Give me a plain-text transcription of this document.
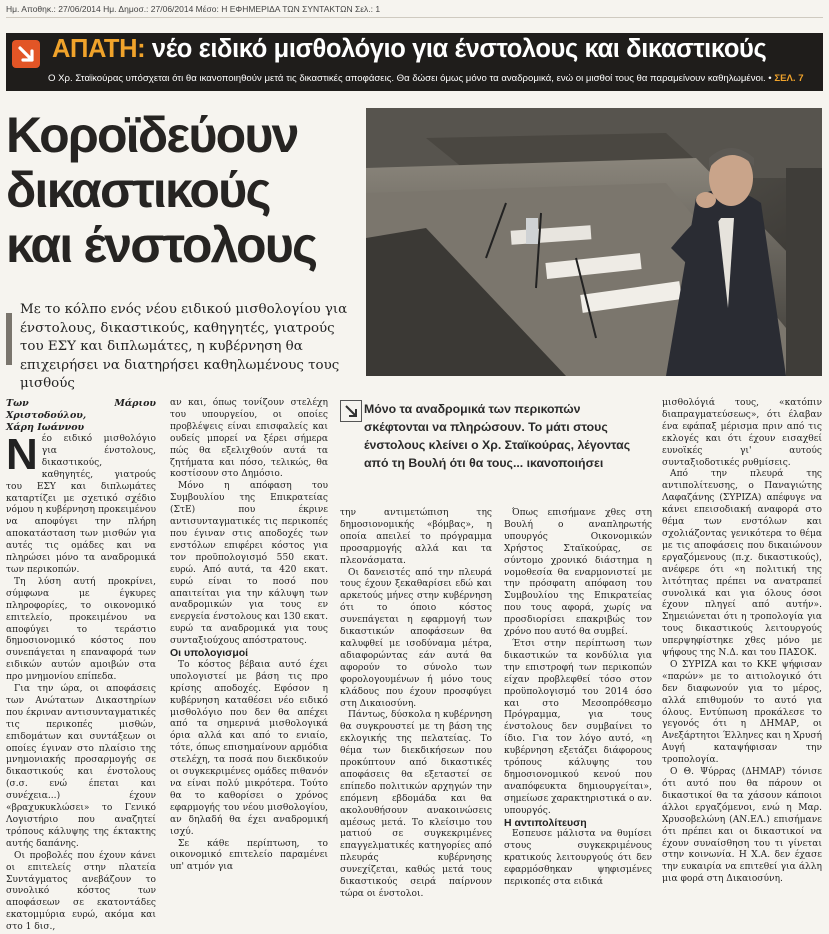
Ημ. Αποθηκ.: 27/06/2014 Ημ. Δημοσ.: 27/06/2014 Μέσο: Η ΕΦΗΜΕΡΙΔΑ ΤΩΝ ΣΥΝΤΑΚΤΩΝ Σελ.: 1
ΑΠΑΤΗ: νέο ειδικό μισθολόγιο για ένστολους και δικαστικούς
Ο Χρ. Σταϊκούρας υπόσχεται ότι θα ικανοποιηθούν μετά τις δικαστικές αποφάσεις. Θα δώσει όμως μόνο τα αναδρομικά, ενώ οι μισθοί τους θα παραμείνουν καθηλωμένοι. • ΣΕΛ. 7
Κοροϊδεύουν
δικαστικούς
και ένστολους
Με το κόλπο ενός νέου ειδικού μισθολογίου για ένστολους, δικαστικούς, καθηγητές, γιατρούς του ΕΣΥ και διπλωμάτες, η κυβέρνηση θα επιχειρήσει να διατηρήσει καθηλωμένους τους μισθούς

Των Μάριου Χριστοδούλου,
Χάρη Ιωάννου

Νέο ειδικό μισθολόγιο για ένστολους, δικαστικούς, καθηγητές, γιατρούς του ΕΣΥ και διπλωμάτες καταρτίζει με σχετικό σχέδιο νόμου η κυβέρνηση προκειμένου να αποφύγει την πλήρη αποκατάσταση των μισθών για αυτές τις ομάδες και να πληρώσει μόνο τα αναδρομικά των περικοπών.

Τη λύση αυτή προκρίνει, σύμφωνα με έγκυρες πληροφορίες, το οικονομικό επιτελείο, προκειμένου να αποφύγει το τεράστιο δημοσιονομικό κόστος που συνεπάγεται η επαναφορά των ειδικών αυτών αμοιβών στα προ μνημονίου επίπεδα.

Για την ώρα, οι αποφάσεις των Ανώτατων Δικαστηρίων που έκριναν αντισυνταγματικές τις περικοπές μισθών, επιδομάτων και συντάξεων οι οποίες έγιναν στο πλαίσιο της μνημονιακής προσαρμογής σε δικαστικούς και ένστολους (σ.σ. ενώ έπεται και συνέχεια...) έχουν «βραχυκυκλώσει» το Γενικό Λογιστήριο που αναζητεί τρόπους κάλυψης της έκτακτης αυτής δαπάνης.

Οι προβολές που έχουν κάνει οι επιτελείς στην πλατεία Συντάγματος ανεβάζουν το συνολικό κόστος των αποφάσεων σε εκατοντάδες εκατομμύρια ευρώ, ακόμα και στο 1 δισ.,

αν και, όπως τονίζουν στελέχη του υπουργείου, οι οποίες προβλέψεις είναι επισφαλείς και ουδείς μπορεί να ξέρει σήμερα πώς θα εξελιχθούν αυτά τα ζητήματα και πόσο, τελικώς, θα κοστίσουν στο Δημόσιο.

Μόνο η απόφαση του Συμβουλίου της Επικρατείας (ΣτΕ) που έκρινε αντισυνταγματικές τις περικοπές που έγιναν στις αποδοχές των ενστόλων επιφέρει κόστος για τον προϋπολογισμό 550 εκατ. ευρώ. Από αυτά, τα 420 εκατ. ευρώ είναι το ποσό που απαιτείται για την κάλυψη των αναδρομικών για τους εν ενεργεία ένστολους και 130 εκατ. ευρώ τα αναδρομικά για τους συνταξιούχους απόστρατους.

Οι υπολογισμοί

Το κόστος βέβαια αυτό έχει υπολογιστεί με βάση τις προ κρίσης αποδοχές. Εφόσον η κυβέρνηση καταθέσει νέο ειδικό μισθολόγιο που δεν θα απέχει από τα σημερινά μισθολογικά όρια αλλά και από το ενιαίο, τότε, όπως επισημαίνουν αρμόδια στελέχη, τα ποσά που διεκδικούν οι συγκεκριμένες ομάδες πιθανόν να είναι πολύ μικρότερα. Τούτο θα το καθορίσει ο χρόνος εφαρμογής του νέου μισθολογίου, αν δηλαδή θα έχει αναδρομική ισχύ.

Σε κάθε περίπτωση, το οικονομικό επιτελείο παραμένει υπ' ατμόν για

Μόνο τα αναδρομικά των περικοπών σκέφτονται να πληρώσουν. Το μάτι στους ένστολους κλείνει ο Χρ. Σταϊκούρας, λέγοντας από τη Βουλή ότι θα τους... ικανοποιήσει

την αντιμετώπιση της δημοσιονομικής «βόμβας», η οποία απειλεί το πρόγραμμα προσαρμογής αλλά και τα πλεονάσματα.

Οι δανειστές από την πλευρά τους έχουν ξεκαθαρίσει εδώ και αρκετούς μήνες στην κυβέρνηση ότι το όποιο κόστος συνεπάγεται η εφαρμογή των δικαστικών αποφάσεων θα καλυφθεί με ισοδύναμα μέτρα, αδιαφορώντας εάν αυτά θα αφορούν το σύνολο των φορολογουμένων ή μόνο τους κλάδους που έχουν προσφύγει στη Δικαιοσύνη.

Πάντως, δύσκολα η κυβέρνηση θα συγκρουστεί με τη βάση της εκλογικής της πελατείας. Το θέμα των διεκδικήσεων που προκύπτουν από δικαστικές αποφάσεις θα εξεταστεί σε επίπεδο πολιτικών αρχηγών την επόμενη εβδομάδα και θα ακολουθήσουν ανακοινώσεις αμέσως μετά. Το κλείσιμο του ματιού σε συγκεκριμένες επαγγελματικές κατηγορίες από πλευράς κυβέρνησης συνεχίζεται, καθώς μετά τους δικαστικούς σειρά παίρνουν τώρα οι ένστολοι.

Όπως επισήμανε χθες στη Βουλή ο αναπληρωτής υπουργός Οικονομικών Χρήστος Σταϊκούρας, σε σύντομο χρονικό διάστημα η νομοθεσία θα εναρμονιστεί με την πρόσφατη απόφαση του Συμβουλίου της Επικρατείας που τους αφορά, χωρίς να προσδιορίσει επακριβώς τον χρόνο που αυτό θα συμβεί.

Έτσι στην περίπτωση των δικαστικών τα κονδύλια για την επιστροφή των περικοπών είχαν προβλεφθεί τόσο στον προϋπολογισμό του 2014 όσο και στο Μεσοπρόθεσμο Πρόγραμμα, για τους ένστολους δεν συμβαίνει το ίδιο. Για τον λόγο αυτό, «η κυβέρνηση εξετάζει διάφορους τρόπους κάλυψης του δημοσιονομικού κενού που αναπόφευκτα δημιουργείται», σημείωσε χαρακτηριστικά ο αν. υπουργός.

Η αντιπολίτευση

Εσπευσε μάλιστα να θυμίσει στους συγκεκριμένους κρατικούς λειτουργούς ότι δεν εφαρμόσθηκαν ψηφισμένες περικοπές στα ειδικά

μισθολόγιά τους, «κατόπιν διαπραγματεύσεως», ότι έλαβαν ένα εφάπαξ μέρισμα πριν από τις εκλογές και ότι έχουν εισαχθεί ευνοϊκές γι' αυτούς συνταξιοδοτικές ρυθμίσεις.

Από την πλευρά της αντιπολίτευσης, ο Παναγιώτης Λαφαζάνης (ΣΥΡΙΖΑ) απέφυγε να κάνει επεισοδιακή αναφορά στο θέμα των ενστόλων και σχολιάζοντας γενικότερα το θέμα με τις αποφάσεις που δικαιώνουν εργαζόμενους (π.χ. δικαστικούς), ανέφερε ότι «η πολιτική της λιτότητας πρέπει να ανατραπεί συνολικά και για όλους όσοι έχουν πληγεί από αυτήν». Σημειώνεται ότι η τροπολογία για τους δικαστικούς λειτουργούς υπερψηφίστηκε χθες μόνο με ψήφους της Ν.Δ. και του ΠΑΣΟΚ.

Ο ΣΥΡΙΖΑ και το ΚΚΕ ψήφισαν «παρών» με το αιτιολογικό ότι δεν διαφωνούν για το μέρος, αλλά επιθυμούν το αυτό για όλους. Εντύπωση προκάλεσε το γεγονός ότι η ΔΗΜΑΡ, οι Ανεξάρτητοι Έλληνες και η Χρυσή Αυγή καταψήφισαν την τροπολογία.

Ο Θ. Ψύρρας (ΔΗΜΑΡ) τόνισε ότι αυτό που θα πάρουν οι δικαστικοί θα τα χάσουν κάποιοι άλλοι εργαζόμενοι, ενώ η Μαρ. Χρυσοβελώνη (ΑΝ.ΕΛ.) επισήμανε ότι πρέπει και οι δικαστικοί να έχουν συναίσθηση του τι γίνεται στην κοινωνία. Η Χ.Α. δεν έχασε την ευκαιρία να επιτεθεί για άλλη μια φορά στη Δικαιοσύνη.
